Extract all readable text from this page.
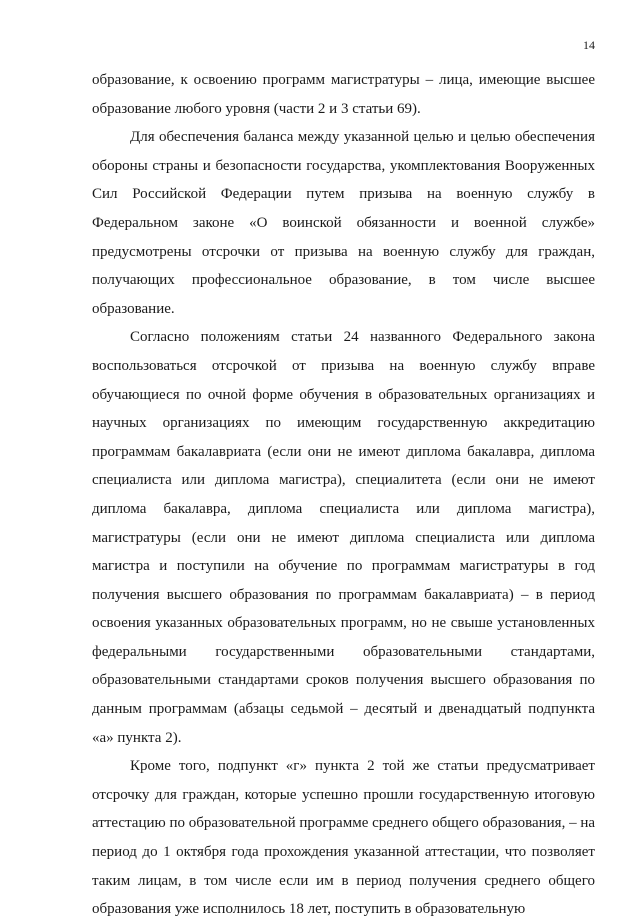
14

образование, к освоению программ магистратуры – лица, имеющие высшее образование любого уровня (части 2 и 3 статьи 69).

Для обеспечения баланса между указанной целью и целью обеспечения обороны страны и безопасности государства, укомплектования Вооруженных Сил Российской Федерации путем призыва на военную службу в Федеральном законе «О воинской обязанности и военной службе» предусмотрены отсрочки от призыва на военную службу для граждан, получающих профессиональное образование, в том числе высшее образование.

Согласно положениям статьи 24 названного Федерального закона воспользоваться отсрочкой от призыва на военную службу вправе обучающиеся по очной форме обучения в образовательных организациях и научных организациях по имеющим государственную аккредитацию программам бакалавриата (если они не имеют диплома бакалавра, диплома специалиста или диплома магистра), специалитета (если они не имеют диплома бакалавра, диплома специалиста или диплома магистра), магистратуры (если они не имеют диплома специалиста или диплома магистра и поступили на обучение по программам магистратуры в год получения высшего образования по программам бакалавриата) – в период освоения указанных образовательных программ, но не свыше установленных федеральными государственными образовательными стандартами, образовательными стандартами сроков получения высшего образования по данным программам (абзацы седьмой – десятый и двенадцатый подпункта «а» пункта 2).

Кроме того, подпункт «г» пункта 2 той же статьи предусматривает отсрочку для граждан, которые успешно прошли государственную итоговую аттестацию по образовательной программе среднего общего образования, – на период до 1 октября года прохождения указанной аттестации, что позволяет таким лицам, в том числе если им в период получения среднего общего образования уже исполнилось 18 лет, поступить в образовательную
